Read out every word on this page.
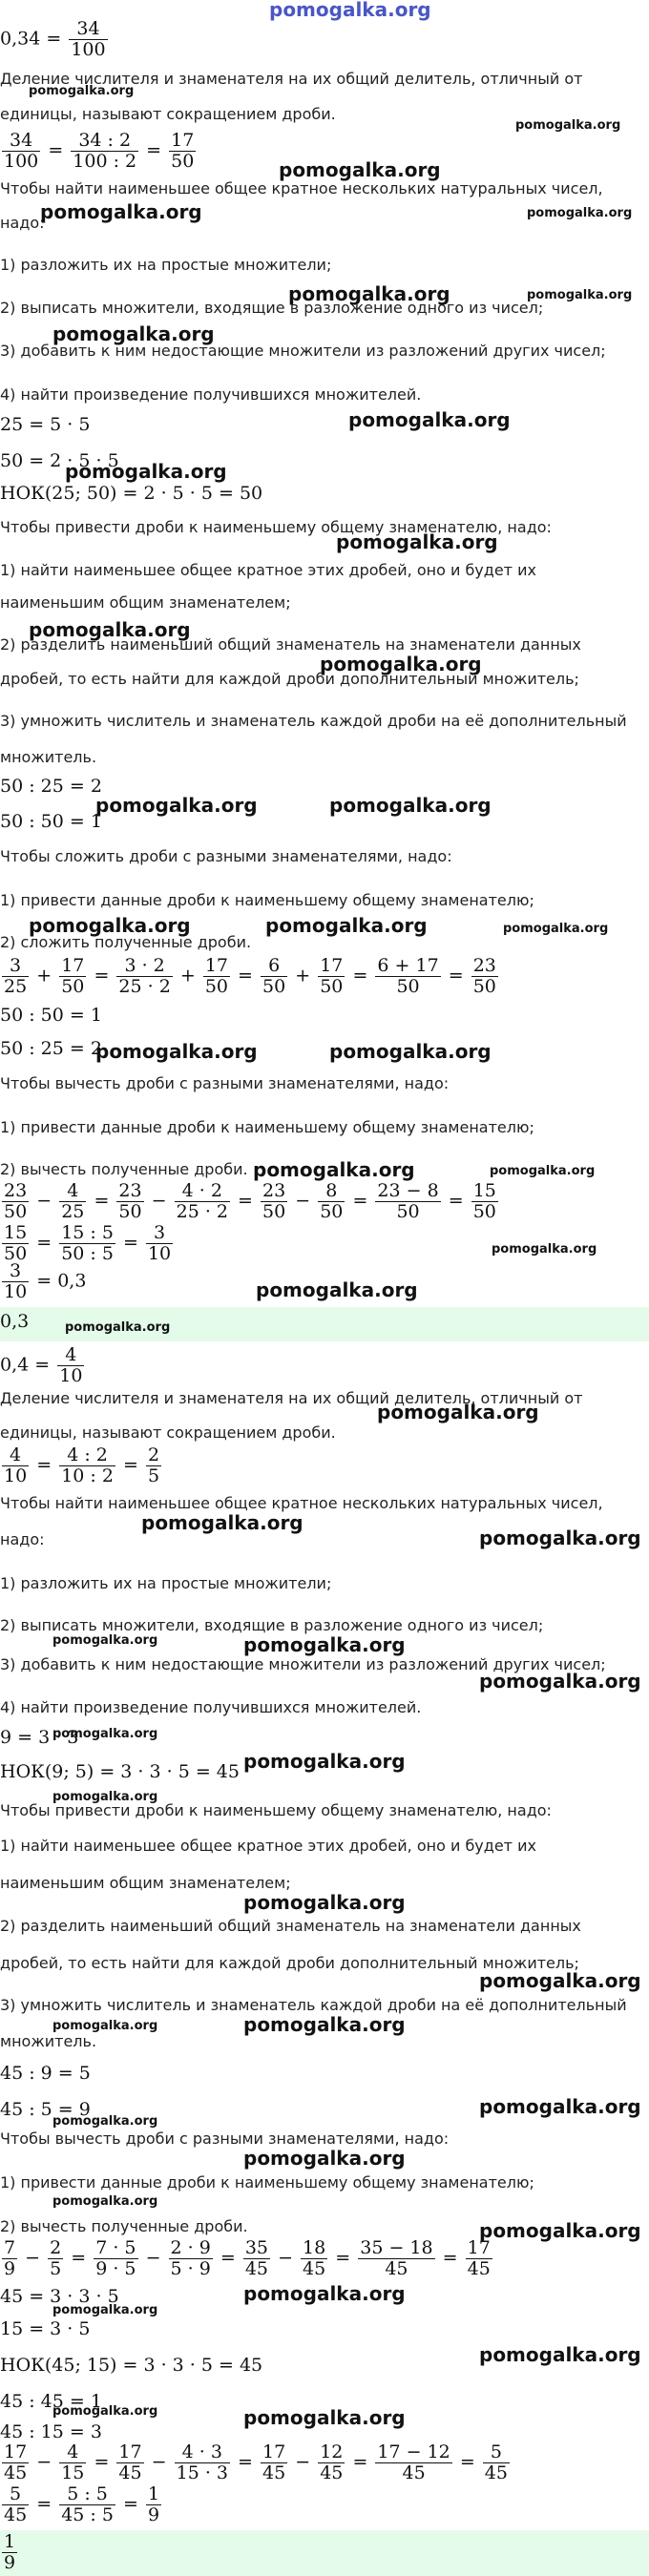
pomogalka.org
$0,34 = \frac{34}{100}$
Деление числителя и знаменателя на их общий делитель, отличный от
pomogalka.org
единицы, называют сокращением дроби.
pomogalka.org
$\frac{34}{100} = \frac{34 : 2}{100 : 2} = \frac{17}{50}$	pomogalka.org
Чтобы найти наименьшее общее кратное нескольких натуральных чисел,
pomogalka.org	pomogalka.org
надо:
1) разложить их на простые множители;
pomogalka.org	pomogalka.org
2) выписать множители, входящие в разложение одного из чисел;
pomogalka.org
3) добавить к ним недостающие множители из разложений других чисел;
4) найти произведение получившихся множителей.
pomogalka.org
25 = 5 · 5
pomogalka.org
50 = 2 · 5 · 5
НОК(25; 50) = 2 · 5 · 5 = 50
Чтобы привести дроби к наименьшему общему знаменателю, надо:
pomogalka.org
1) найти наименьшее общее кратное этих дробей, оно и будет их
наименьшим общим знаменателем;
pomogalka.org
2) разделить наименьший общий знаменатель на знаменатели данных
pomogalka.org
дробей, то есть найти для каждой дроби дополнительный множитель;
3) умножить числитель и знаменатель каждой дроби на её дополнительный
множитель.
50 : 25 = 2
pomogalka.org	pomogalka.org
50 : 50 = 1
Чтобы сложить дроби с разными знаменателями, надо:
1) привести данные дроби к наименьшему общему знаменателю;
pomogalka.org	pomogalka.org	pomogalka.org
2) сложить полученные дроби.
$\frac{3}{25} + \frac{17}{50} = \frac{3 \cdot 2}{25 \cdot 2} + \frac{17}{50} = \frac{6}{50} + \frac{17}{50} = \frac{6 + 17}{50} = \frac{23}{50}$
50 : 50 = 1
50 : 25 = 2
pomogalka.org	pomogalka.org
Чтобы вычесть дроби с разными знаменателями, надо:
1) привести данные дроби к наименьшему общему знаменателю;
2) вычесть полученные дроби. pomogalka.org	pomogalka.org
$\frac{23}{50} - \frac{4}{25} = \frac{23}{50} - \frac{4 \cdot 2}{25 \cdot 2} = \frac{23}{50} - \frac{8}{50} = \frac{23 - 8}{50} = \frac{15}{50}$
$\frac{15}{50} = \frac{15 : 5}{50 : 5} = \frac{3}{10}$	pomogalka.org
$\frac{3}{10} = 0,3$	pomogalka.org
0,3	pomogalka.org
$0,4 = \frac{4}{10}$
Деление числителя и знаменателя на их общий делитель, отличный от
pomogalka.org
единицы, называют сокращением дроби.
$\frac{4}{10} = \frac{4 : 2}{10 : 2} = \frac{2}{5}$
Чтобы найти наименьшее общее кратное нескольких натуральных чисел,
pomogalka.org
надо:	pomogalka.org
1) разложить их на простые множители;
2) выписать множители, входящие в разложение одного из чисел;
pomogalka.org	pomogalka.org
3) добавить к ним недостающие множители из разложений других чисел;
pomogalka.org
4) найти произведение получившихся множителей.
pomogalka.org
9 = 3 · 3
pomogalka.org
НОК(9; 5) = 3 · 3 · 5 = 45
pomogalka.org
Чтобы привести дроби к наименьшему общему знаменателю, надо:
1) найти наименьшее общее кратное этих дробей, оно и будет их
наименьшим общим знаменателем;
pomogalka.org
2) разделить наименьший общий знаменатель на знаменатели данных
дробей, то есть найти для каждой дроби дополнительный множитель;
pomogalka.org
3) умножить числитель и знаменатель каждой дроби на её дополнительный
pomogalka.org
pomogalka.org
множитель.
45 : 9 = 5
45 : 5 = 9	pomogalka.org
pomogalka.org
Чтобы вычесть дроби с разными знаменателями, надо:
pomogalka.org
1) привести данные дроби к наименьшему общему знаменателю;
pomogalka.org
2) вычесть полученные дроби.	pomogalka.org
$\frac{7}{9} - \frac{2}{5} = \frac{7 \cdot 5}{9 \cdot 5} - \frac{2 \cdot 9}{5 \cdot 9} = \frac{35}{45} - \frac{18}{45} = \frac{35 - 18}{45} = \frac{17}{45}$
45 = 3 · 3 · 5	pomogalka.org
pomogalka.org
15 = 3 · 5
pomogalka.org
НОК(45; 15) = 3 · 3 · 5 = 45
45 : 45 = 1
pomogalka.org	pomogalka.org
45 : 15 = 3
$\frac{17}{45} - \frac{4}{15} = \frac{17}{45} - \frac{4 \cdot 3}{15 \cdot 3} = \frac{17}{45} - \frac{12}{45} = \frac{17 - 12}{45} = \frac{5}{45}$
$\frac{5}{45} = \frac{5 : 5}{45 : 5} = \frac{1}{9}$
$\frac{1}{9}$
